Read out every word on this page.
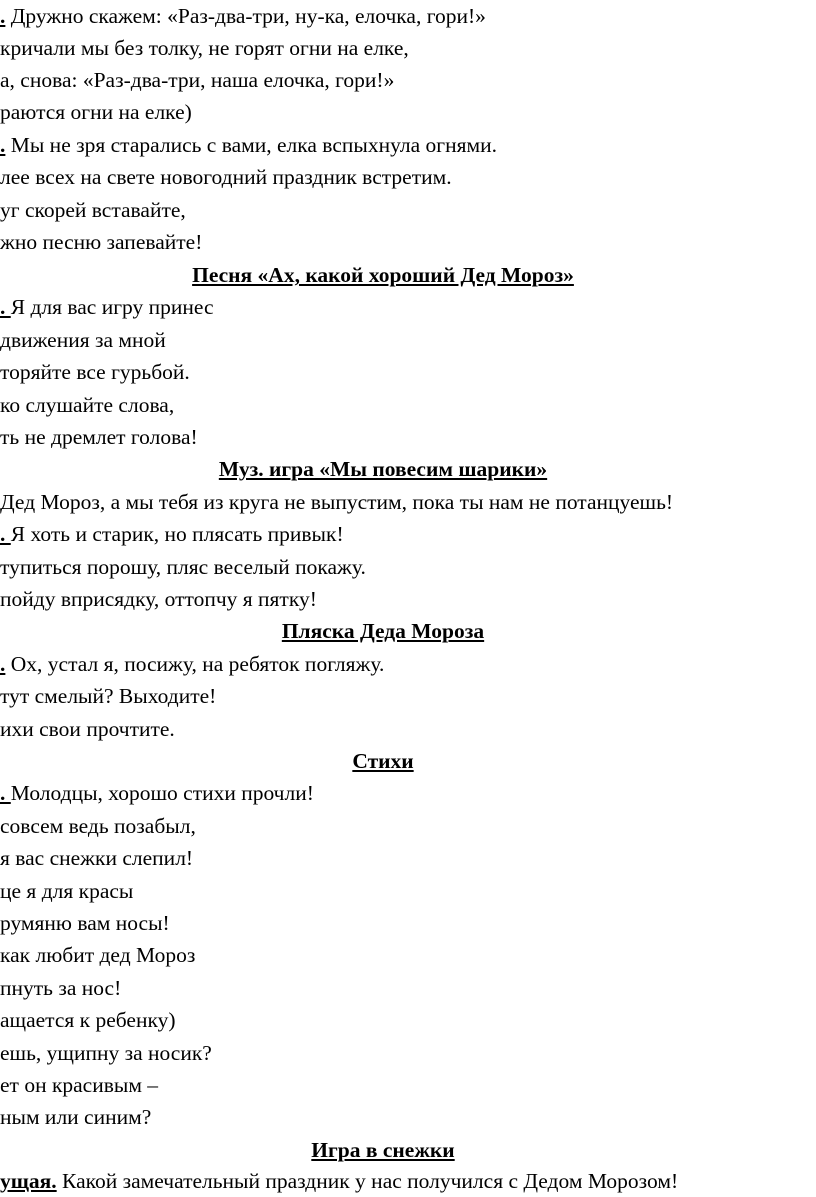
. Дружно скажем: «Раз-два-три, ну-ка, елочка, гори!»
кричали мы без толку, не горят огни на елке,
а, снова: «Раз-два-три, наша елочка, гори!»
раются огни на елке)
. Мы не зря старались с вами, елка вспыхнула огнями.
лее всех на свете новогодний праздник встретим.
уг скорей вставайте,
жно песню запевайте!
Песня «Ах, какой хороший Дед Мороз»
. Я для вас игру принес
движения за мной
торяйте все гурьбой.
ко слушайте слова,
ть не дремлет голова!
Муз. игра «Мы повесим шарики»
Дед Мороз, а мы тебя из круга не выпустим, пока ты нам не потанцуешь!
. Я хоть и старик, но плясать привык!
тупиться порошу, пляс веселый покажу.
пойду вприсядку, оттопчу я пятку!
Пляска Деда Мороза
. Ох, устал я, посижу, на ребяток погляжу.
тут смелый? Выходите!
ихи свои прочтите.
Стихи
. Молодцы, хорошо стихи прочли!
совсем ведь позабыл,
я вас снежки слепил!
це я для красы
румяню вам носы!
как любит дед Мороз
пнуть за нос!
ащается к ребенку)
ешь, ущипну за носик?
ет он красивым –
ным или синим?
Игра в снежки
ущая. Какой замечательный праздник у нас получился с Дедом Морозом!
